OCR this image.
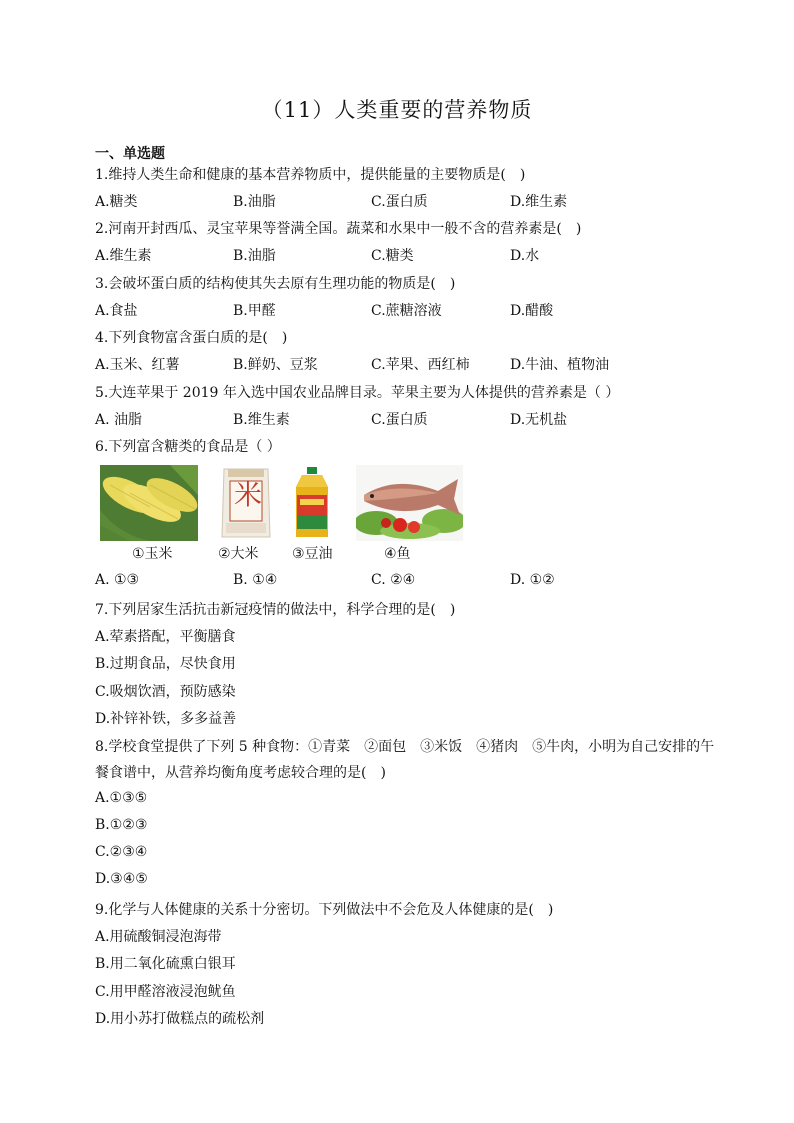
（11）人类重要的营养物质
一、单选题
1.维持人类生命和健康的基本营养物质中，提供能量的主要物质是(　)
A.糖类	B.油脂	C.蛋白质	D.维生素
2.河南开封西瓜、灵宝苹果等誉满全国。蔬菜和水果中一般不含的营养素是(　)
A.维生素	B.油脂	C.糖类	D.水
3.会破坏蛋白质的结构使其失去原有生理功能的物质是(　)
A.食盐	B.甲醛	C.蔗糖溶液	D.醋酸
4.下列食物富含蛋白质的是(　)
A.玉米、红薯	B.鲜奶、豆浆	C.苹果、西红柿	D.牛油、植物油
5.大连苹果于 2019 年入选中国农业品牌目录。苹果主要为人体提供的营养素是（ ）
A. 油脂	B.维生素	C.蛋白质	D.无机盐
6.下列富含糖类的食品是（ ）
米
①玉米	②大米 ③豆油	④鱼
A. ①③	B. ①④	C. ②④	D. ①②
7.下列居家生活抗击新冠疫情的做法中，科学合理的是(　)
A.荤素搭配，平衡膳食
B.过期食品，尽快食用
C.吸烟饮酒，预防感染
D.补锌补铁，多多益善
8.学校食堂提供了下列 5 种食物：①青菜　②面包　③米饭　④猪肉　⑤牛肉，小明为自己安排的午
餐食谱中，从营养均衡角度考虑较合理的是(　)
A.①③⑤
B.①②③
C.②③④
D.③④⑤
9.化学与人体健康的关系十分密切。下列做法中不会危及人体健康的是(　)
A.用硫酸铜浸泡海带
B.用二氧化硫熏白银耳
C.用甲醛溶液浸泡鱿鱼
D.用小苏打做糕点的疏松剂
